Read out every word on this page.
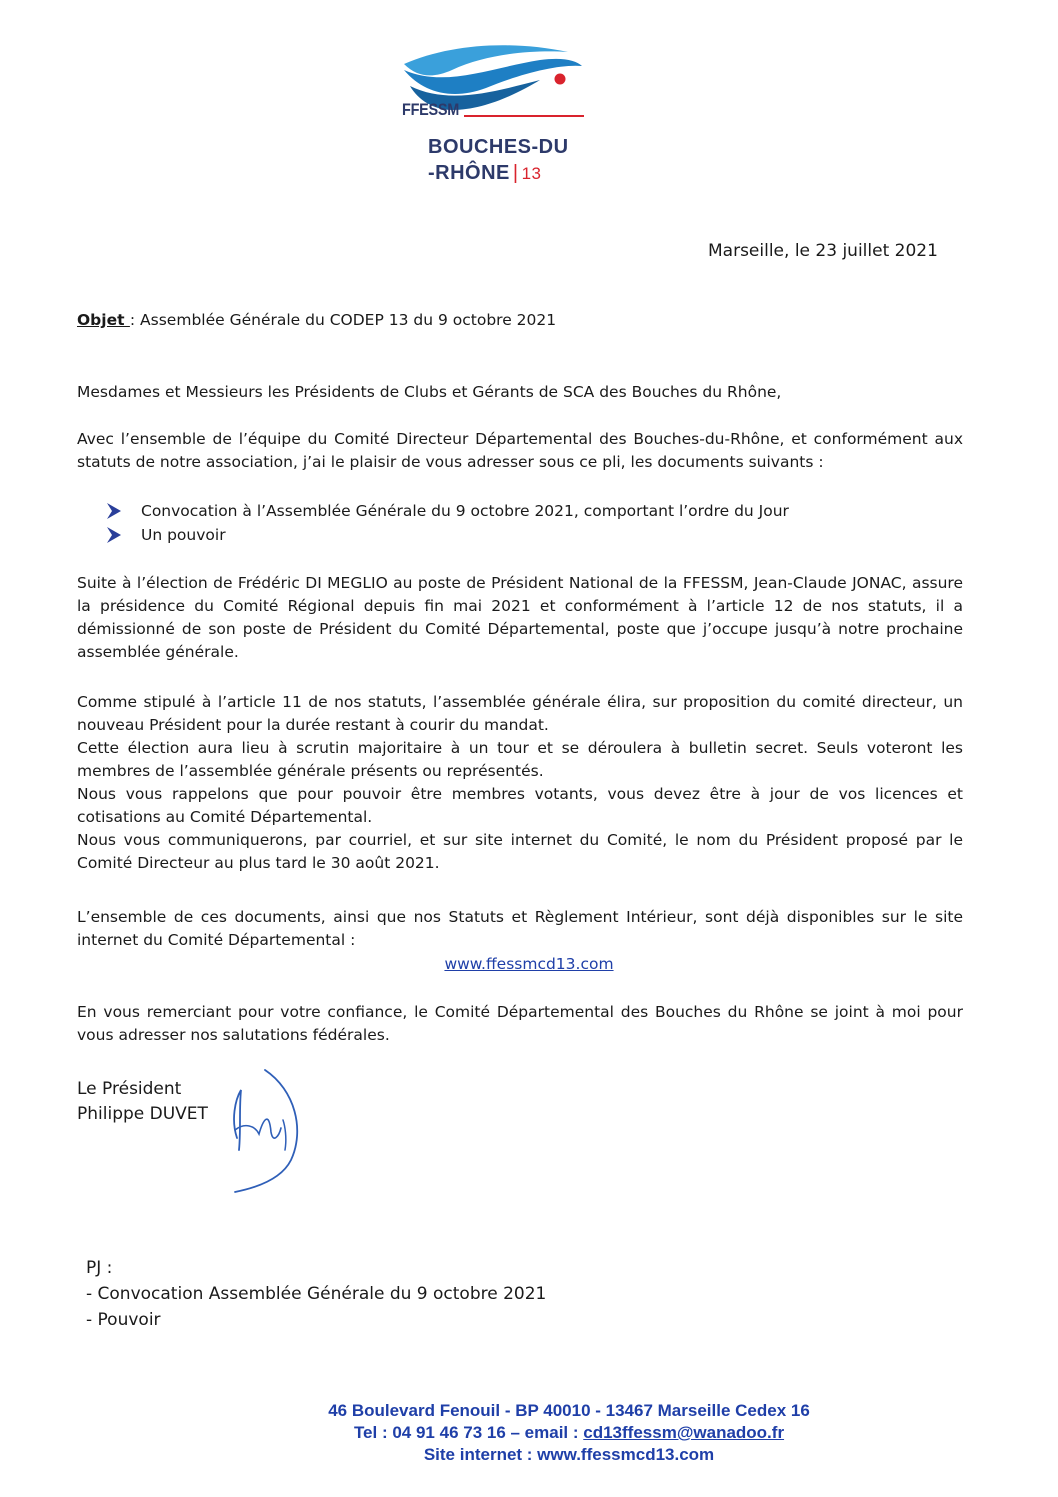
FFESSM
BOUCHES-DU
-RHÔNE | 13
Marseille, le 23 juillet 2021
Objet : Assemblée Générale du CODEP 13 du 9 octobre 2021
Mesdames et Messieurs les Présidents de Clubs et Gérants de SCA des Bouches du Rhône,
Avec l’ensemble de l’équipe du Comité Directeur Départemental des Bouches-du-Rhône, et conformément aux statuts de notre association, j’ai le plaisir de vous adresser sous ce pli, les documents suivants :
Convocation à l’Assemblée Générale du 9 octobre 2021, comportant l’ordre du Jour
Un pouvoir
Suite à l’élection de Frédéric DI MEGLIO au poste de Président National de la FFESSM, Jean-Claude JONAC, assure la présidence du Comité Régional depuis fin mai 2021 et conformément à l’article 12 de nos statuts, il a démissionné de son poste de Président du Comité Départemental, poste que j’occupe jusqu’à notre prochaine assemblée générale.
Comme stipulé à l’article 11 de nos statuts, l’assemblée générale élira, sur proposition du comité directeur, un nouveau Président pour la durée restant à courir du mandat.
Cette élection aura lieu à scrutin majoritaire à un tour et se déroulera à bulletin secret. Seuls voteront les membres de l’assemblée générale présents ou représentés.
Nous vous rappelons que pour pouvoir être membres votants, vous devez être à jour de vos licences et cotisations au Comité Départemental.
Nous vous communiquerons, par courriel, et sur site internet du Comité, le nom du Président proposé par le Comité Directeur au plus tard le 30 août 2021.
L’ensemble de ces documents, ainsi que nos Statuts et Règlement Intérieur, sont déjà disponibles sur le site internet du Comité Départemental :
www.ffessmcd13.com
En vous remerciant pour votre confiance, le Comité Départemental des Bouches du Rhône se joint à moi pour vous adresser nos salutations fédérales.
Le Président
Philippe DUVET
PJ :
- Convocation Assemblée Générale du 9 octobre 2021
- Pouvoir
46 Boulevard Fenouil - BP 40010 - 13467 Marseille Cedex 16
Tel : 04 91 46 73 16 – email : cd13ffessm@wanadoo.fr
Site internet : www.ffessmcd13.com
